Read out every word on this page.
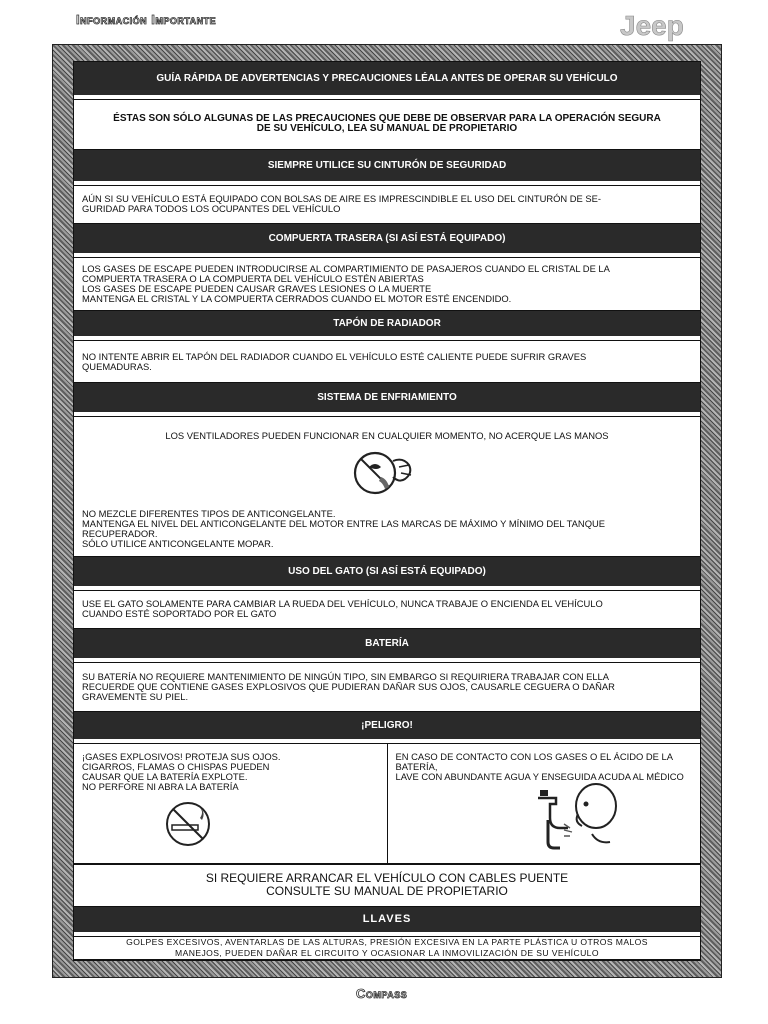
Información Importante	Jeep
GUÍA RÁPIDA DE ADVERTENCIAS Y PRECAUCIONES LÉALA ANTES DE OPERAR SU VEHÍCULO

ÉSTAS SON SÓLO ALGUNAS DE LAS PRECAUCIONES QUE DEBE DE OBSERVAR PARA LA OPERACIÓN SEGURA

DE SU VEHÍCULO, LEA SU MANUAL DE PROPIETARIO

SIEMPRE UTILICE SU CINTURÓN DE SEGURIDAD

AÚN SI SU VEHÍCULO ESTÁ EQUIPADO CON BOLSAS DE AIRE ES IMPRESCINDIBLE EL USO DEL CINTURÓN DE SE-

GURIDAD PARA TODOS LOS OCUPANTES DEL VEHÍCULO

COMPUERTA TRASERA (SI ASÍ ESTÁ EQUIPADO)

LOS GASES DE ESCAPE PUEDEN INTRODUCIRSE AL COMPARTIMIENTO DE PASAJEROS CUANDO EL CRISTAL DE LA

COMPUERTA TRASERA O LA COMPUERTA DEL VEHÍCULO ESTÉN ABIERTAS

LOS GASES DE ESCAPE PUEDEN CAUSAR GRAVES LESIONES O LA MUERTE

MANTENGA EL CRISTAL Y LA COMPUERTA CERRADOS CUANDO EL MOTOR ESTÉ ENCENDIDO.

TAPÓN DE RADIADOR

NO INTENTE ABRIR EL TAPÓN DEL RADIADOR CUANDO EL VEHÍCULO ESTÉ CALIENTE PUEDE SUFRIR GRAVES

QUEMADURAS.

SISTEMA DE ENFRIAMIENTO

LOS VENTILADORES PUEDEN FUNCIONAR EN CUALQUIER MOMENTO, NO ACERQUE LAS MANOS

NO MEZCLE DIFERENTES TIPOS DE ANTICONGELANTE.

MANTENGA EL NIVEL DEL ANTICONGELANTE DEL MOTOR ENTRE LAS MARCAS DE MÁXIMO Y MÍNIMO DEL TANQUE

RECUPERADOR.

SÓLO UTILICE ANTICONGELANTE MOPAR.

USO DEL GATO (SI ASÍ ESTÁ EQUIPADO)

USE EL GATO SOLAMENTE PARA CAMBIAR LA RUEDA DEL VEHÍCULO, NUNCA TRABAJE O ENCIENDA EL VEHÍCULO

CUANDO ESTÉ SOPORTADO POR EL GATO

BATERÍA

SU BATERÍA NO REQUIERE MANTENIMIENTO DE NINGÚN TIPO, SIN EMBARGO SI REQUIRIERA TRABAJAR CON ELLA

RECUERDE QUE CONTIENE GASES EXPLOSIVOS QUE PUDIERAN DAÑAR SUS OJOS, CAUSARLE CEGUERA O DAÑAR

GRAVEMENTE SU PIEL.

¡PELIGRO!

¡GASES EXPLOSIVOS! PROTEJA SUS OJOS.

CIGARROS, FLAMAS O CHISPAS PUEDEN

CAUSAR QUE LA BATERÍA EXPLOTE.

NO PERFORE NI ABRA LA BATERÍA

EN CASO DE CONTACTO CON LOS GASES O EL ÁCIDO DE LA BATERÍA,

LAVE CON ABUNDANTE AGUA Y ENSEGUIDA ACUDA AL MÉDICO

SI REQUIERE ARRANCAR EL VEHÍCULO CON CABLES PUENTE
CONSULTE SU MANUAL DE PROPIETARIO
LLAVES

GOLPES EXCESIVOS, AVENTARLAS DE LAS ALTURAS, PRESIÓN EXCESIVA EN LA PARTE PLÁSTICA U OTROS MALOS

MANEJOS, PUEDEN DAÑAR EL CIRCUITO Y OCASIONAR LA INMOVILIZACIÓN DE SU VEHÍCULO

Compass
